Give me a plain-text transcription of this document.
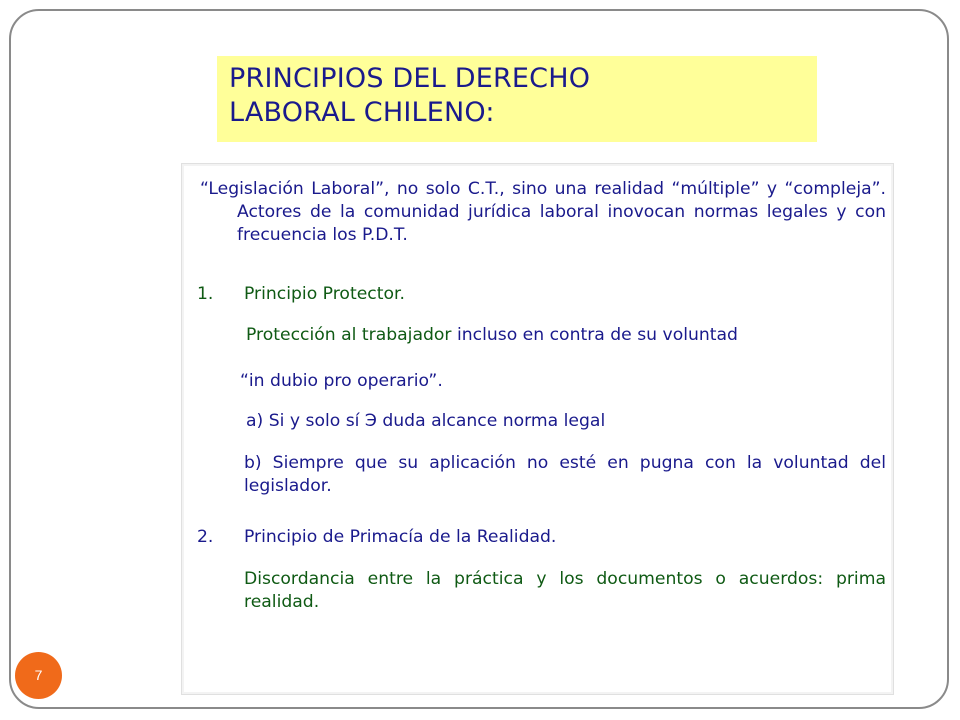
PRINCIPIOS DEL DERECHO
LABORAL CHILENO:
“Legislación Laboral”, no solo C.T., sino una realidad “múltiple” y “compleja”. Actores de la comunidad jurídica laboral inovocan normas legales y con frecuencia los P.D.T.
1. Principio Protector.
Protección al trabajador incluso en contra de su voluntad
“in dubio pro operario”.
a) Si y solo sí Э duda alcance norma legal
b) Siempre que su aplicación no esté en pugna con la voluntad del legislador.
2. Principio de Primacía de la Realidad.
Discordancia entre la práctica y los documentos o acuerdos: prima realidad.
7
